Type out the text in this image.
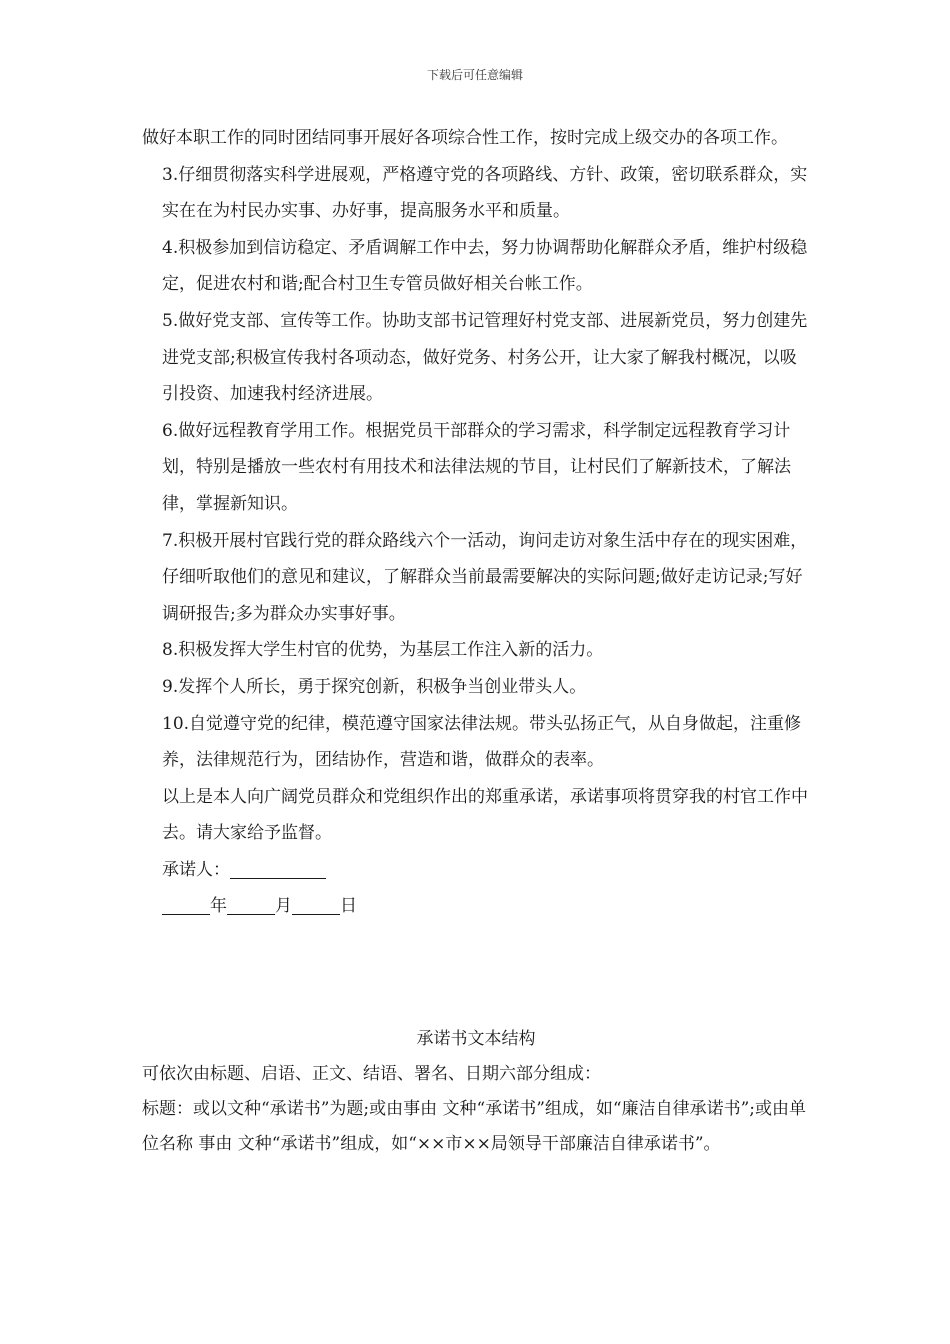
下载后可任意编辑

做好本职工作的同时团结同事开展好各项综合性工作，按时完成上级交办的各项工作。

3.仔细贯彻落实科学进展观，严格遵守党的各项路线、方针、政策，密切联系群众，实实在在为村民办实事、办好事，提高服务水平和质量。

4.积极参加到信访稳定、矛盾调解工作中去，努力协调帮助化解群众矛盾，维护村级稳定，促进农村和谐;配合村卫生专管员做好相关台帐工作。

5.做好党支部、宣传等工作。协助支部书记管理好村党支部、进展新党员，努力创建先进党支部;积极宣传我村各项动态，做好党务、村务公开，让大家了解我村概况，以吸引投资、加速我村经济进展。

6.做好远程教育学用工作。根据党员干部群众的学习需求，科学制定远程教育学习计划，特别是播放一些农村有用技术和法律法规的节目，让村民们了解新技术，了解法律，掌握新知识。

7.积极开展村官践行党的群众路线六个一活动，询问走访对象生活中存在的现实困难，仔细听取他们的意见和建议，了解群众当前最需要解决的实际问题;做好走访记录;写好调研报告;多为群众办实事好事。

8.积极发挥大学生村官的优势，为基层工作注入新的活力。

9.发挥个人所长，勇于探究创新，积极争当创业带头人。

10.自觉遵守党的纪律，模范遵守国家法律法规。带头弘扬正气，从自身做起，注重修养，法律规范行为，团结协作，营造和谐，做群众的表率。

以上是本人向广阔党员群众和党组织作出的郑重承诺，承诺事项将贯穿我的村官工作中去。请大家给予监督。

承诺人：

年	月	日

承诺书文本结构

可依次由标题、启语、正文、结语、署名、日期六部分组成：

标题：或以文种“承诺书”为题;或由事由 文种“承诺书”组成，如“廉洁自律承诺书”;或由单位名称 事由 文种“承诺书”组成，如“××市××局领导干部廉洁自律承诺书”。
